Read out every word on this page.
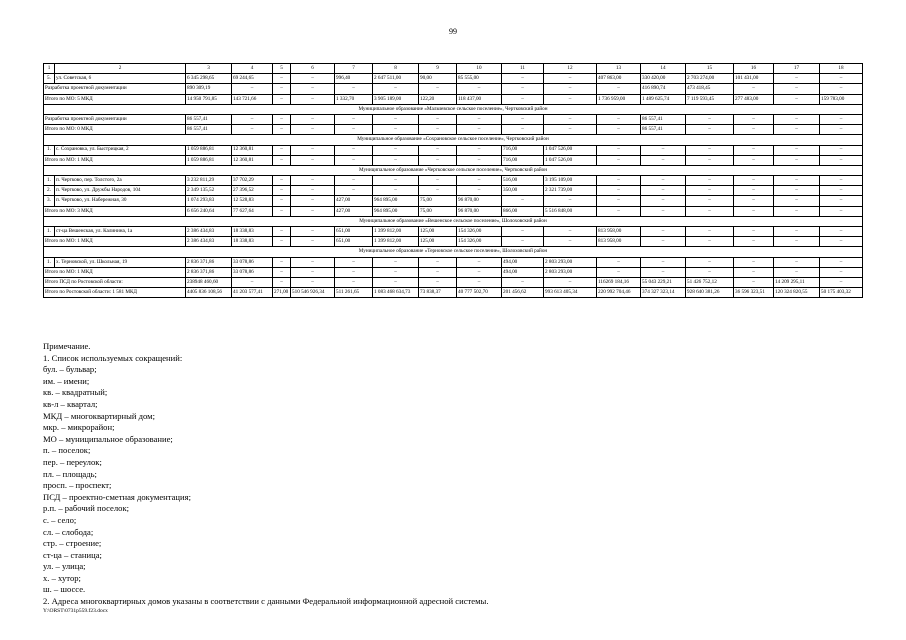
99
1	2	3	4	5	6	7	8	9	10	11	12	13	14	15	16	17	18
5.	ул. Советская, 6	6 345 298,65	69 244,65	–	–	996,40	2 647 511,00	90,00	85 555,00	–	–	407 863,00	330 420,00	2 703 274,00	101 431,00	–	–
Разработка проектной документации		890 309,19	–	–	–	–	–	–	–	–	–	–	416 890,74	473 418,45	–	–	–
Итого по МО: 5 МКД		14 950 791,85	143 721,66	–	–	1 332,70	3 905 189,00	122,20	118 437,00	–	–	1 736 959,00	1 489 625,74	7 119 593,45	277 483,00	–	159 783,00
Муниципальное образование «Мальчевское сельское поселение», Чертковский район																	
Разработка проектной документации		86 557,41	–	–	–	–	–	–	–	–	–	–	86 557,41	–	–	–	–
Итого по МО: 0 МКД		86 557,41	–	–	–	–	–	–	–	–	–	–	86 557,41	–	–	–	–
Муниципальное образование «Сохрановское сельское поселение», Чертковский район																	
1.	с. Сохрановка, ул. Быстрицкая, 2	1 059 886,81	12 360,81	–	–	–	–	–	–	716,00	1 047 526,00	–	–	–	–	–	–
Итого по МО: 1 МКД		1 059 886,81	12 360,81	–	–	–	–	–	–	716,00	1 047 526,00	–	–	–	–	–	–
Муниципальное образование «Чертковское сельское поселение», Чертковский район																	
1.	п. Чертково, пер. Толстого, 2а	3 232 811,29	37 702,29	–	–	–	–	–	–	516,00	3 195 109,00	–	–	–	–	–	–
2.	п. Чертково, ул. Дружбы Народов, 104	2 349 135,52	27 396,52	–	–	–	–	–	–	350,00	2 321 739,00	–	–	–	–	–	–
3.	п. Чертково, ул. Набережная, 30	1 074 293,83	12 528,83	–	–	427,00	964 895,00	75,00	96 870,00	–	–	–	–	–	–	–	–
Итого по МО: 3 МКД		6 656 240,64	77 627,64	–	–	427,00	964 895,00	75,00	96 870,00	866,00	5 516 848,00	–	–	–	–	–	–
Муниципальное образование «Вешенское сельское поселение», Шолоховский район																	
1.	ст-ца Вешенская, ул. Калинина, 1а	2 386 434,83	18 338,83	–	–	651,00	1 399 812,00	125,00	154 326,00	–	–	813 958,00	–	–	–	–	–
Итого по МО: 1 МКД		2 386 434,83	18 338,83	–	–	651,00	1 399 812,00	125,00	154 326,00	–	–	813 958,00	–	–	–	–	–
Муниципальное образование «Терновское сельское поселение», Шолоховский район																	
1.	х. Терновской, ул. Школьная, 19	2 836 371,86	33 078,86	–	–	–	–	–	–	494,00	2 803 293,00	–	–	–	–	–	–
Итого по МО: 1 МКД		2 836 371,86	33 078,86	–	–	–	–	–	–	494,00	2 803 293,00	–	–	–	–	–	–
Итого ПСД по Ростовской области:		238948 460,60	–	–	–	–	–	–	–	–	–	116269 184,16	55 043 229,21	51 426 752,12	–	14 209 295,11	–
Итого по Ростовской области: 1 581 МКД		4405 836 108,56	41 203 577,41	271,00	510 546 926,34	511 261,65	1 083 468 634,73	73 838,37	40 777 502,70	201 456,62	993 613 405,34	220 992 704,46	374 327 323,14	928 640 381,26	36 596 323,51	120 324 820,55	50 175 403,32
Примечание.
1. Список используемых сокращений:
бул. – бульвар;
им. – имени;
кв. – квадратный;
кв-л – квартал;
МКД – многоквартирный дом;
мкр. – микрорайон;
МО – муниципальное образование;
п. – поселок;
пер. – переулок;
пл. – площадь;
просп. – проспект;
ПСД – проектно-сметная документация;
р.п. – рабочий поселок;
с. – село;
сл. – слобода;
стр. – строение;
ст-ца – станица;
ул. – улица;
х. – хутор;
ш. – шоссе.
2. Адреса многоквартирных домов указаны в соответствии с данными Федеральной информационной адресной системы.
Y:\ORST\0731p559.f23.docx
